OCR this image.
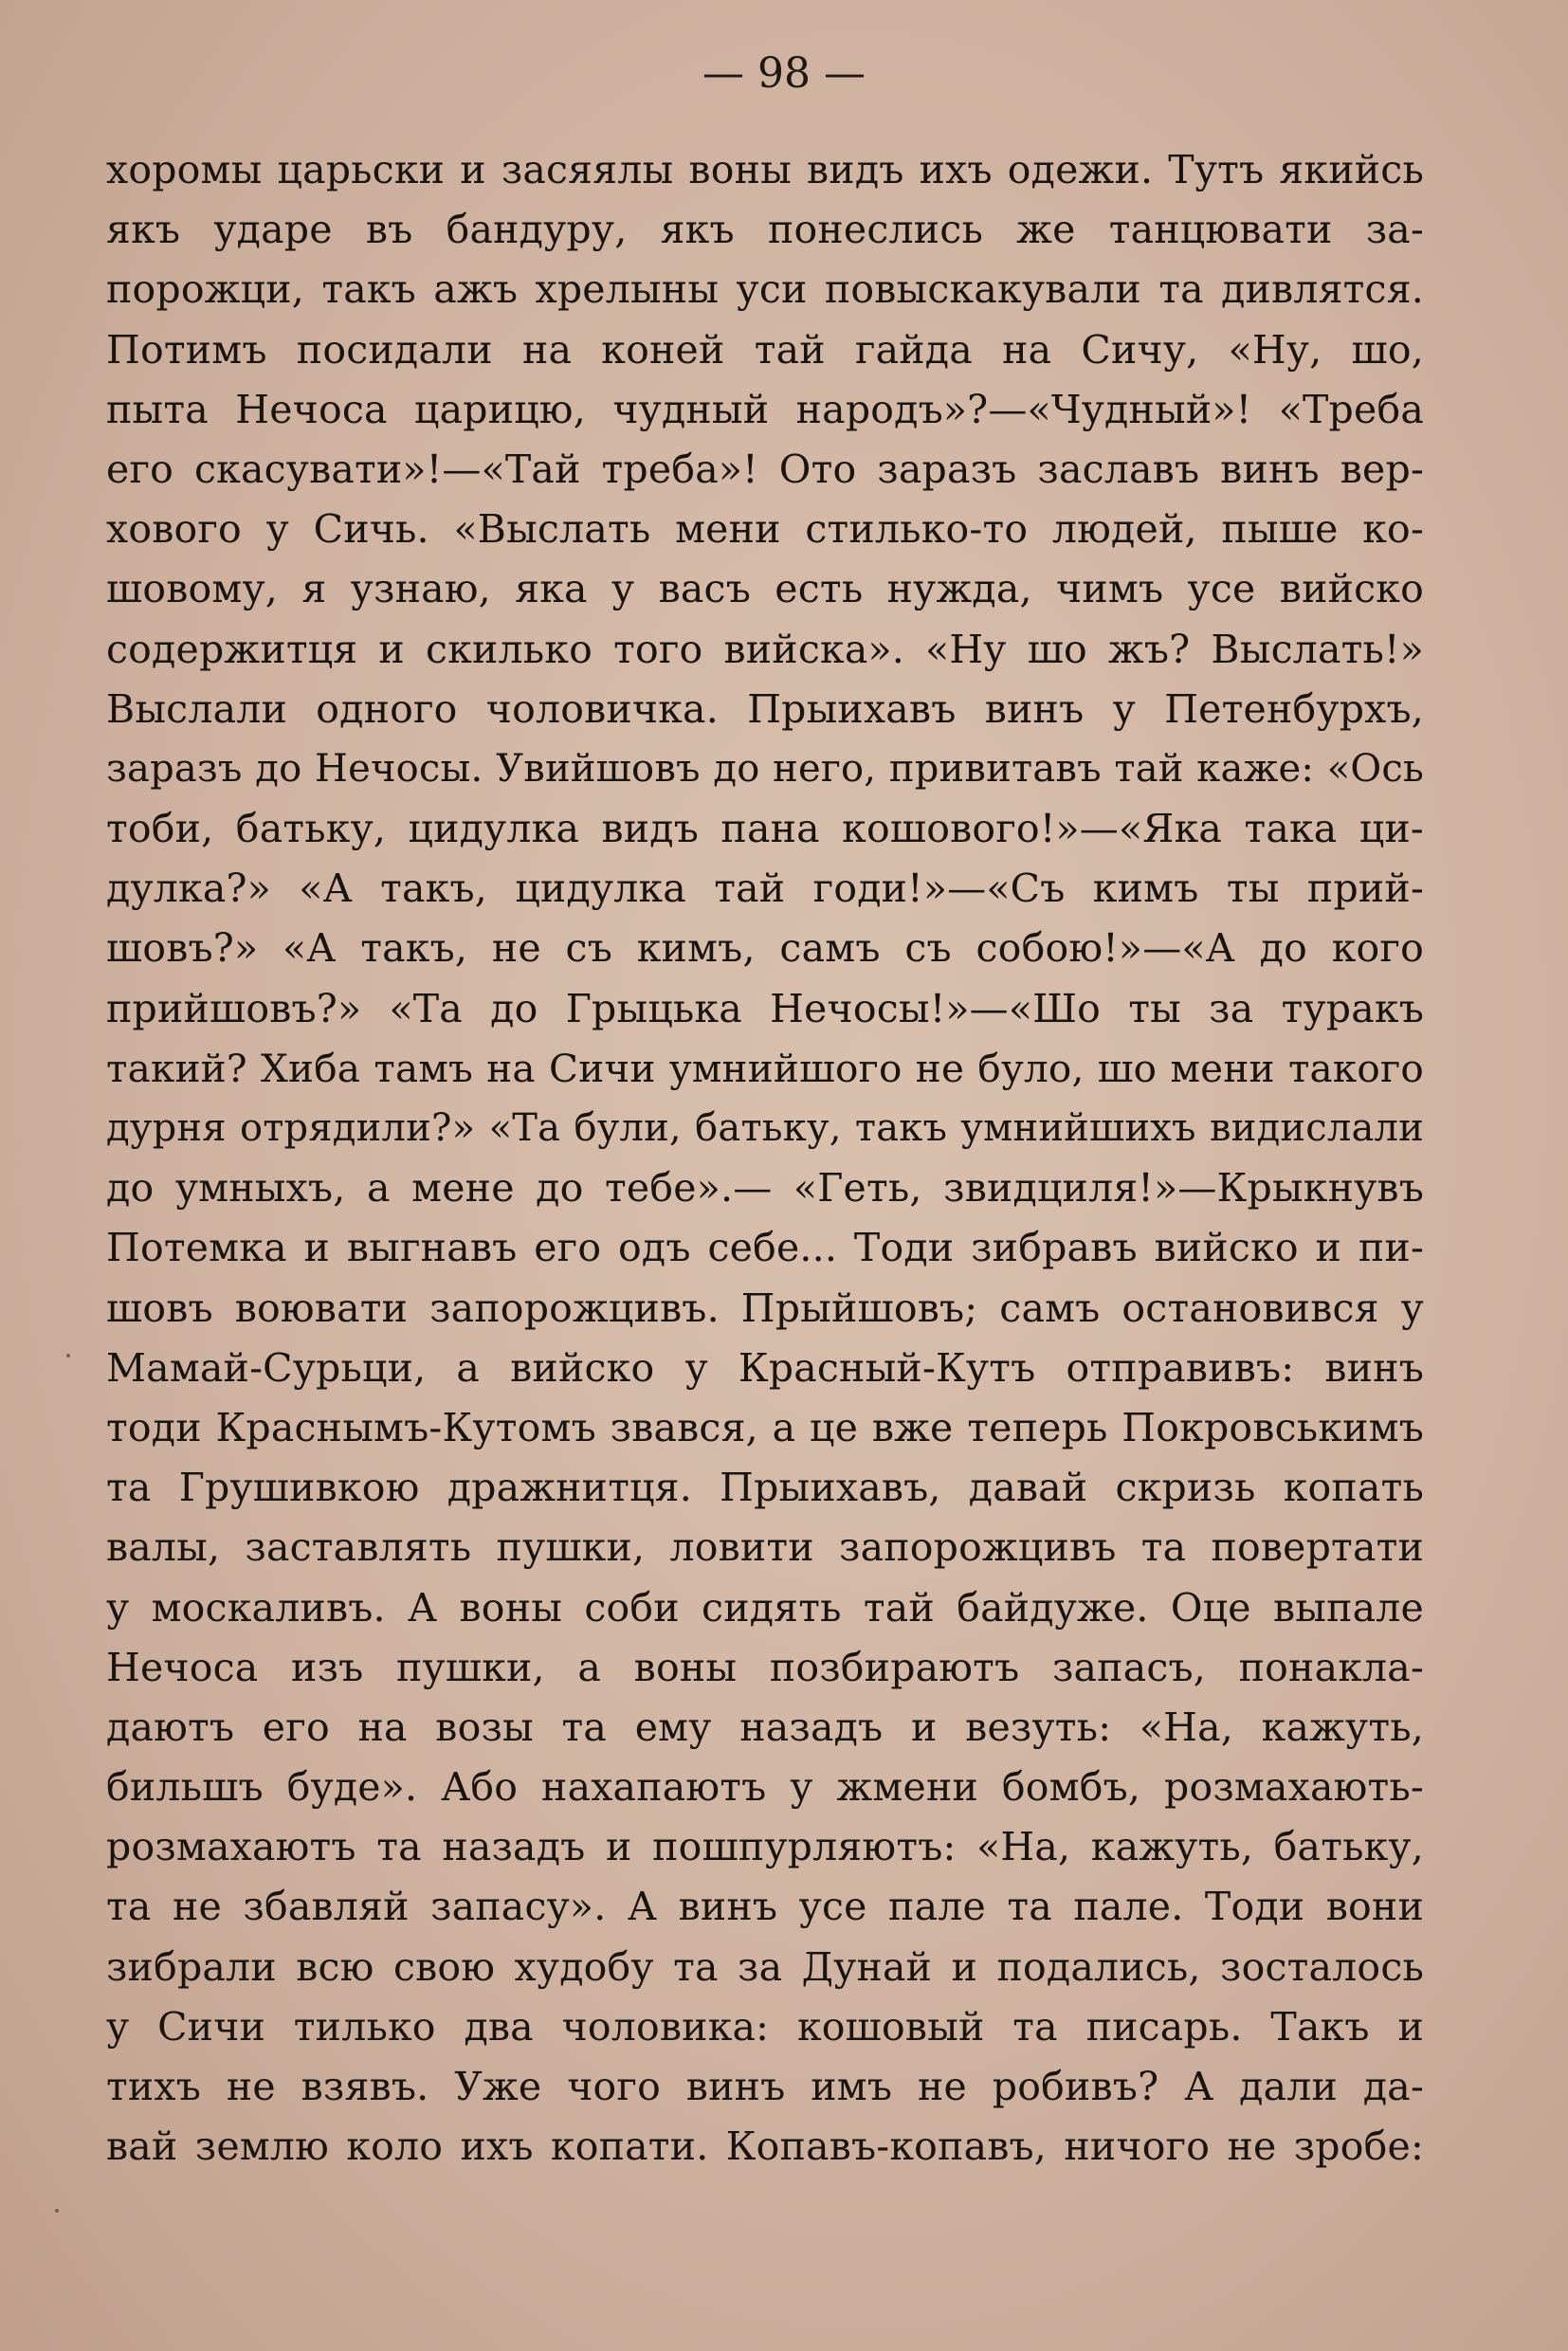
— 98 —
хоромы царьски и засяялы воны видъ ихъ одежи. Тутъ якийсь
якъ ударе въ бандуру, якъ понеслись же танцювати за-
порожци, такъ ажъ хрелыны уси повыскакували та дивлятся.
Потимъ посидали на коней тай гайда на Сичу, «Ну, шо,
пыта Нечоса царицю, чудный народъ»?—«Чудный»! «Треба
его скасувати»!—«Тай треба»! Ото заразъ заславъ винъ вер-
хового у Сичь. «Выслать мени стилько-то людей, пыше ко-
шовому, я узнаю, яка у васъ есть нужда, чимъ усе вийско
содержитця и скилько того вийска». «Ну шо жъ? Выслать!»
Выслали одного чоловичка. Прыихавъ винъ у Петенбурхъ,
заразъ до Нечосы. Увийшовъ до него, привитавъ тай каже: «Ось
тоби, батьку, цидулка видъ пана кошового!»—«Яка така ци-
дулка?» «А такъ, цидулка тай годи!»—«Съ кимъ ты прий-
шовъ?» «А такъ, не съ кимъ, самъ съ собою!»—«А до кого
прийшовъ?» «Та до Грыцька Нечосы!»—«Шо ты за туракъ
такий? Хиба тамъ на Сичи умнийшого не було, шо мени такого
дурня отрядили?» «Та були, батьку, такъ умнийшихъ видислали
до умныхъ, а мене до тебе».— «Геть, звидциля!»—Крыкнувъ
Потемка и выгнавъ его одъ себе... Тоди зибравъ вийско и пи-
шовъ воювати запорожцивъ. Прыйшовъ; самъ остановився у
Мамай-Сурьци, а вийско у Красный-Кутъ отправивъ: винъ
тоди Краснымъ-Кутомъ звався, а це вже теперь Покровськимъ
та Грушивкою дражнитця. Прыихавъ, давай скризь копать
валы, заставлять пушки, ловити запорожцивъ та повертати
у москаливъ. А воны соби сидять тай байдуже. Оце выпале
Нечоса изъ пушки, а воны позбираютъ запасъ, понакла-
даютъ его на возы та ему назадъ и везуть: «На, кажуть,
бильшъ буде». Або нахапаютъ у жмени бомбъ, розмахають-
розмахаютъ та назадъ и пошпурляютъ: «На, кажуть, батьку,
та не збавляй запасу». А винъ усе пале та пале. Тоди вони
зибрали всю свою худобу та за Дунай и подались, зосталось
у Сичи тилько два чоловика: кошовый та писарь. Такъ и
тихъ не взявъ. Уже чого винъ имъ не робивъ? А дали да-
вай землю коло ихъ копати. Копавъ-копавъ, ничого не зробе:
